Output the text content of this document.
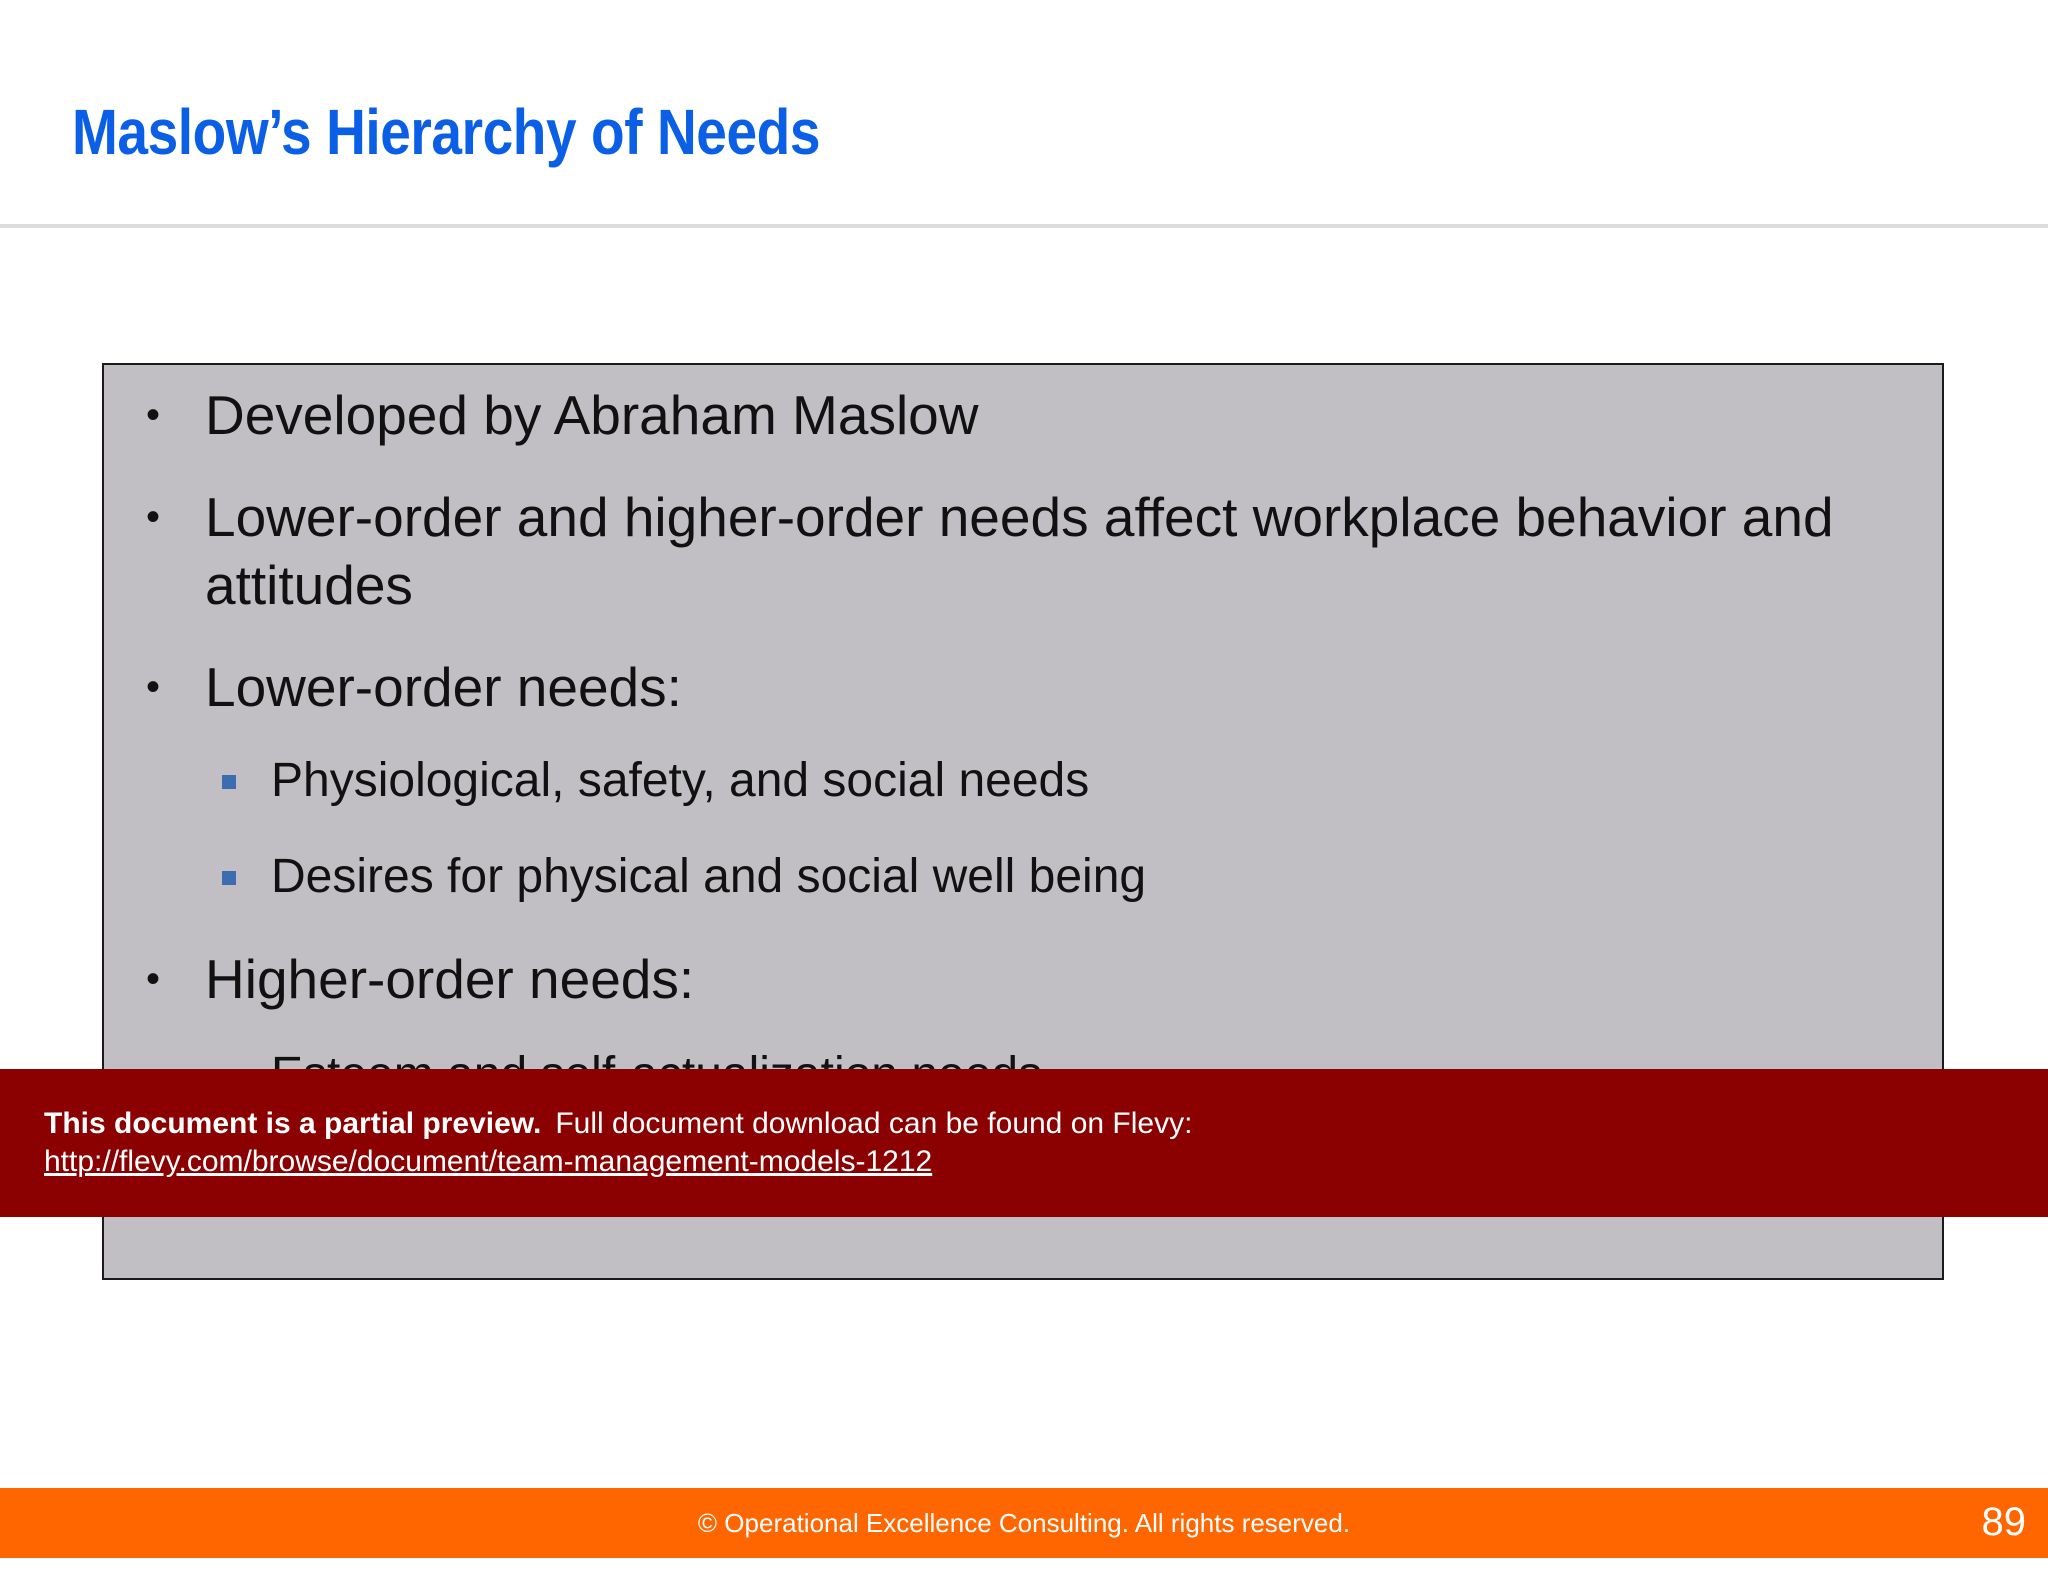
Maslow’s Hierarchy of Needs
• Developed by Abraham Maslow
• Lower-order and higher-order needs affect workplace behavior and attitudes
• Lower-order needs:
Physiological, safety, and social needs
Desires for physical and social well being
• Higher-order needs:
This document is a partial preview. Full document download can be found on Flevy:
http://flevy.com/browse/document/team-management-models-1212
© Operational Excellence Consulting. All rights reserved.	89
